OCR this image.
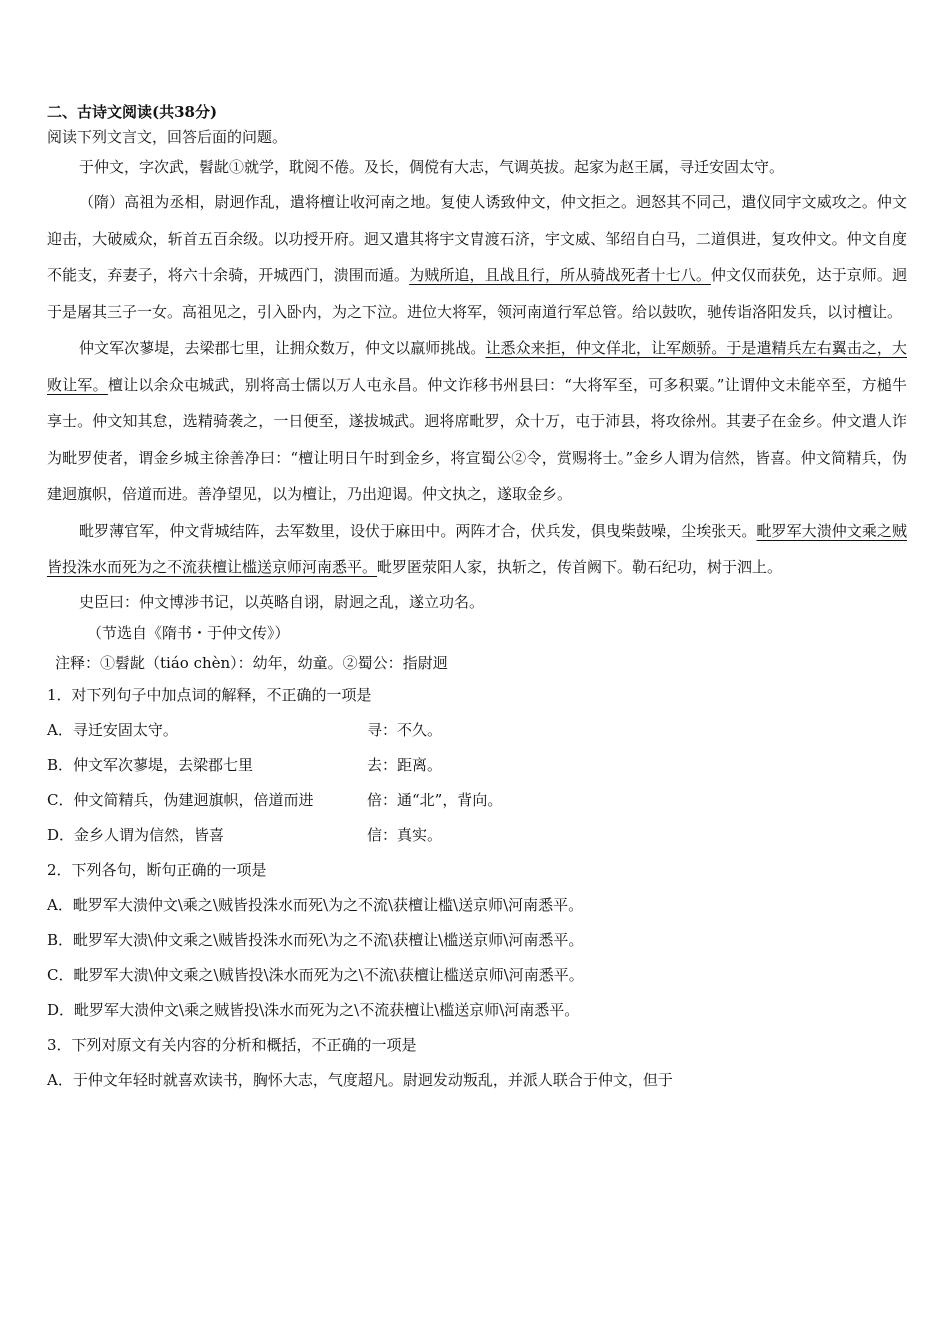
二、古诗文阅读(共38分)

阅读下列文言文，回答后面的问题。

于仲文，字次武，髫龀①就学，耽阅不倦。及长，倜傥有大志，气调英拔。起家为赵王属，寻迁安固太守。

（隋）高祖为丞相，尉迥作乱，遣将檀让收河南之地。复使人诱致仲文，仲文拒之。迥怒其不同己，遣仪同宇文威攻之。仲文迎击，大破威众，斩首五百余级。以功授开府。迥又遣其将宇文胄渡石济，宇文威、邹绍自白马，二道俱进，复攻仲文。仲文自度不能支，弃妻子，将六十余骑，开城西门，溃围而遁。为贼所追，且战且行，所从骑战死者十七八。仲文仅而获免，达于京师。迥于是屠其三子一女。高祖见之，引入卧内，为之下泣。进位大将军，领河南道行军总管。给以鼓吹，驰传诣洛阳发兵，以讨檀让。

仲文军次蓼堤，去梁郡七里，让拥众数万，仲文以羸师挑战。让悉众来拒，仲文佯北，让军颇骄。于是遣精兵左右翼击之，大败让军。檀让以余众屯城武，别将高士儒以万人屯永昌。仲文诈移书州县曰：“大将军至，可多积粟。”让谓仲文未能卒至，方槌牛享士。仲文知其怠，选精骑袭之，一日便至，遂拔城武。迥将席毗罗，众十万，屯于沛县，将攻徐州。其妻子在金乡。仲文遣人诈为毗罗使者，谓金乡城主徐善净曰：“檀让明日午时到金乡，将宣蜀公②令，赏赐将士。”金乡人谓为信然，皆喜。仲文简精兵，伪建迥旗帜，倍道而进。善净望见，以为檀让，乃出迎谒。仲文执之，遂取金乡。

毗罗薄官军，仲文背城结阵，去军数里，设伏于麻田中。两阵才合，伏兵发，俱曳柴鼓噪，尘埃张天。毗罗军大溃仲文乘之贼皆投洙水而死为之不流获檀让槛送京师河南悉平。毗罗匿荥阳人家，执斩之，传首阙下。勒石纪功，树于泗上。

史臣曰：仲文博涉书记，以英略自诩，尉迥之乱，遂立功名。

（节选自《隋书・于仲文传》）

注释：①髫龀（tiáo chèn）：幼年，幼童。②蜀公：指尉迥

1．对下列句子中加点词的解释，不正确的一项是

A．寻迁安固太守。	寻：不久。
B．仲文军次蓼堤，去梁郡七里	去：距离。
C．仲文简精兵，伪建迥旗帜，倍道而进	倍：通“北”，背向。
D．金乡人谓为信然，皆喜	信：真实。

2．下列各句，断句正确的一项是

A．毗罗军大溃仲文\乘之\贼皆投洙水而死\为之不流\获檀让槛\送京师\河南悉平。

B．毗罗军大溃\仲文乘之\贼皆投洙水而死\为之不流\获檀让\槛送京师\河南悉平。

C．毗罗军大溃\仲文乘之\贼皆投\洙水而死为之\不流\获檀让槛送京师\河南悉平。

D．毗罗军大溃仲文\乘之贼皆投\洙水而死为之\不流获檀让\槛送京师\河南悉平。

3．下列对原文有关内容的分析和概括，不正确的一项是

A．于仲文年轻时就喜欢读书，胸怀大志，气度超凡。尉迥发动叛乱，并派人联合于仲文，但于
